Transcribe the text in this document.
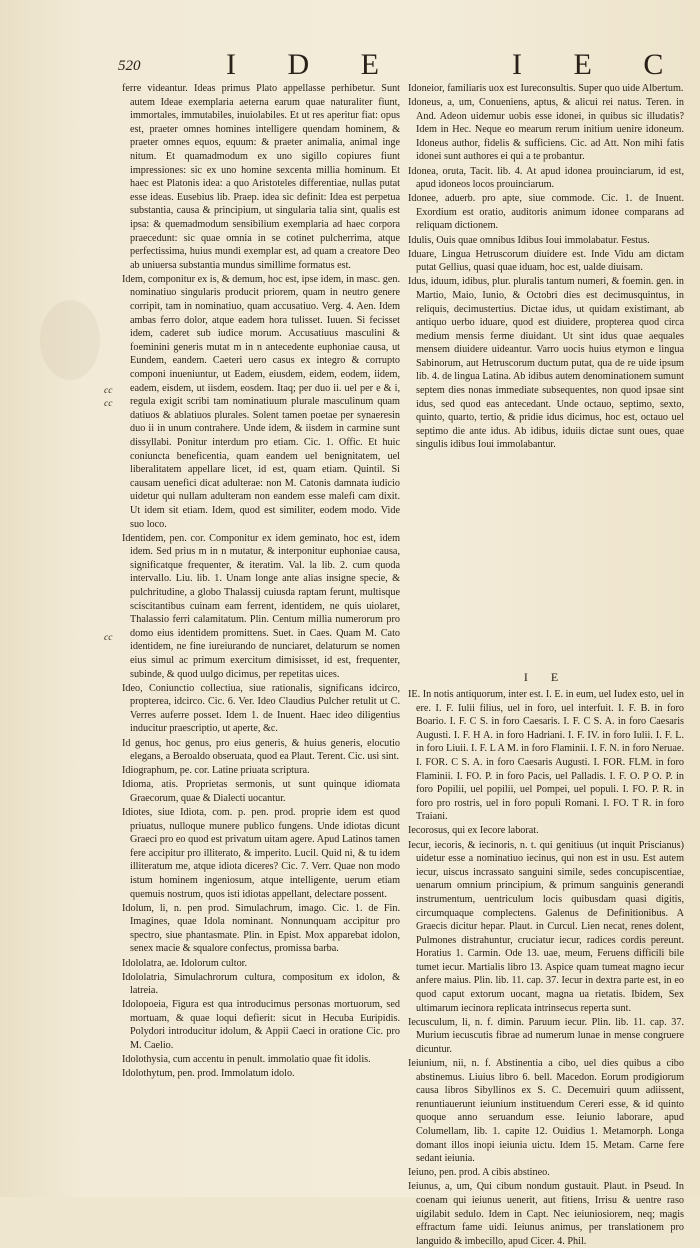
520	I D E	I E C
cc
cc
cc

ferre videantur. Ideas primus Plato appellasse perhibetur. Sunt autem Ideae exemplaria aeterna earum quae naturaliter fiunt, immortales, immutabiles, inuiolabiles. Et ut res aperitur fiat: opus est, praeter omnes homines intelligere quendam hominem, & praeter omnes equos, equum: & praeter animalia, animal inge nitum. Et quamadmodum ex uno sigillo copiures fiunt impressiones: sic ex uno homine sexcenta millia hominum. Et haec est Platonis idea: a quo Aristoteles differentiae, nullas putat esse ideas. Eusebius lib. Praep. idea sic definit: Idea est perpetua substantia, causa & principium, ut singularia talia sint, qualis est ipsa: & quemadmodum sensibilium exemplaria ad haec corpora praecedunt: sic quae omnia in se cotinet pulcherrima, atque perfectissima, huius mundi exemplar est, ad quam a creatore Deo ab uniuersa substantia mundus simillime formatus est.

Idem, componitur ex is, & demum, hoc est, ipse idem, in masc. gen. nominatiuo singularis producit priorem, quam in neutro genere corripit, tam in nominatiuo, quam accusatiuo. Verg. 4. Aen. Idem ambas ferro dolor, atque eadem hora tulisset. Iuuen. Si fecisset idem, caderet sub iudice morum. Accusatiuus masculini & foeminini generis mutat m in n antecedente euphoniae causa, ut Eundem, eandem. Caeteri uero casus ex integro & corrupto componi inueniuntur, ut Eadem, eiusdem, eidem, eodem, iidem, eadem, eisdem, ut iisdem, eosdem. Itaq; per duo ii. uel per e & i, regula exigit scribi tam nominatiuum plurale masculinum quam datiuos & ablatiuos plurales. Solent tamen poetae per synaeresin duo ii in unum contrahere. Unde idem, & iisdem in carmine sunt dissyllabi. Ponitur interdum pro etiam. Cic. 1. Offic. Et huic coniuncta beneficentia, quam eandem uel benignitatem, uel liberalitatem appellare licet, id est, quam etiam. Quintil. Si causam uenefici dicat adulterae: non M. Catonis damnata iudicio uidetur qui nullam adulteram non eandem esse malefi cam dixit. Ut idem sit etiam. Idem, quod est similiter, eodem modo. Vide suo loco.

Identidem, pen. cor. Componitur ex idem geminato, hoc est, idem idem. Sed prius m in n mutatur, & interponitur euphoniae causa, significatque frequenter, & iteratim. Val. la lib. 2. cum quoda intervallo. Liu. lib. 1. Unam longe ante alias insigne specie, & pulchritudine, a globo Thalassij cuiusda raptam ferunt, multisque sciscitantibus cuinam eam ferrent, identidem, ne quis uiolaret, Thalassio ferri calamitatum. Plin. Centum millia numerorum pro domo eius identidem promittens. Suet. in Caes. Quam M. Cato identidem, ne fine iureiurando de nunciaret, delaturum se nomen eius simul ac primum exercitum dimisisset, id est, frequenter, subinde, & quod uulgo dicimus, per repetitas uices.

Ideo, Coniunctio collectiua, siue rationalis, significans idcirco, propterea, idcirco. Cic. 6. Ver. Ideo Claudius Pulcher retulit ut C. Verres auferre posset. Idem 1. de Inuent. Haec ideo diligentius inducitur praescriptio, ut aperte, &c.

Id genus, hoc genus, pro eius generis, & huius generis, elocutio elegans, a Beroaldo obseruata, quod ea Plaut. Terent. Cic. usi sint.

Idiographum, pe. cor. Latine priuata scriptura.

Idioma, atis. Proprietas sermonis, ut sunt quinque idiomata Graecorum, quae & Dialecti uocantur.

Idiotes, siue Idiota, com. p. pen. prod. proprie idem est quod priuatus, nulloque munere publico fungens. Unde idiotas dicunt Graeci pro eo quod est privatum uitam agere. Apud Latinos tamen fere accipitur pro illiterato, & imperito. Lucil. Quid ni, & tu idem illiteratum me, atque idiota diceres? Cic. 7. Verr. Quae non modo istum hominem ingeniosum, atque intelligente, uerum etiam quemuis nostrum, quos isti idiotas appellant, delectare possent.

Idolum, li, n. pen prod. Simulachrum, imago. Cic. 1. de Fin. Imagines, quae Idola nominant. Nonnunquam accipitur pro spectro, siue phantasmate. Plin. in Epist. Mox apparebat idolon, senex macie & squalore confectus, promissa barba.

Idololatra, ae. Idolorum cultor.

Idololatria, Simulachrorum cultura, compositum ex idolon, & latreia.

Idolopoeia, Figura est qua introducimus personas mortuorum, sed mortuam, & quae loqui defierit: sicut in Hecuba Euripidis. Polydori introducitur idolum, & Appii Caeci in oratione Cic. pro M. Caelio.

Idolothysia, cum accentu in penult. immolatio quae fit idolis.

Idolothytum, pen. prod. Immolatum idolo.

Idoneior, familiaris uox est Iureconsultis. Super quo uide Albertum.

Idoneus, a, um, Conueniens, aptus, & alicui rei natus. Teren. in And. Adeon uidemur uobis esse idonei, in quibus sic illudatis? Idem in Hec. Neque eo mearum rerum initium uenire idoneum. Idoneus author, fidelis & sufficiens. Cic. ad Att. Non mihi fatis idonei sunt authores ei qui a te probantur.

Idonea, oruta, Tacit. lib. 4. At apud idonea prouinciarum, id est, apud idoneos locos prouinciarum.

Idonee, aduerb. pro apte, siue commode. Cic. 1. de Inuent. Exordium est oratio, auditoris animum idonee comparans ad reliquam dictionem.

Idulis, Ouis quae omnibus Idibus Ioui immolabatur. Festus.

Iduare, Lingua Hetruscorum diuidere est. Inde Vidu am dictam putat Gellius, quasi quae iduam, hoc est, ualde diuisam.

Idus, iduum, idibus, plur. pluralis tantum numeri, & foemin. gen. in Martio, Maio, Iunio, & Octobri dies est decimusquintus, in reliquis, decimustertius. Dictae idus, ut quidam existimant, ab antiquo uerbo iduare, quod est diuidere, propterea quod circa medium mensis ferme diuidant. Ut sint idus quae aequales mensem diuidere uideantur. Varro uocis huius etymon e lingua Sabinorum, aut Hetruscorum ductum putat, qua de re uide ipsum lib. 4. de lingua Latina. Ab idibus autem denominationem sumunt septem dies nonas immediate subsequentes, non quod ipsae sint idus, sed quod eas antecedant. Unde octauo, septimo, sexto, quinto, quarto, tertio, & pridie idus dicimus, hoc est, octauo uel septimo die ante idus. Ab idibus, iduiis dictae sunt oues, quae singulis idibus Ioui immolabantur.

I E

IE. In notis antiquorum, inter est. I. E. in eum, uel Iudex esto, uel in ere. I. F. Iulii filius, uel in foro, uel interfuit. I. F. B. in foro Boario. I. F. C S. in foro Caesaris. I. F. C S. A. in foro Caesaris Augusti. I. F. H A. in foro Hadriani. I. F. IV. in foro Iulii. I. F. L. in foro Liuii. I. F. L A M. in foro Flaminii. I. F. N. in foro Neruae. I. FOR. C S. A. in foro Caesaris Augusti. I. FOR. FLM. in foro Flaminii. I. FO. P. in foro Pacis, uel Palladis. I. F. O. P O. P. in foro Popilii, uel popilii, uel Pompei, uel populi. I. FO. P. R. in foro pro rostris, uel in foro populi Romani. I. FO. T R. in foro Traiani.

Iecorosus, qui ex Iecore laborat.

Iecur, iecoris, & iecinoris, n. t. qui genitiuus (ut inquit Priscianus) uidetur esse a nominatiuo iecinus, qui non est in usu. Est autem iecur, uiscus incrassato sanguini simile, sedes concupiscentiae, uenarum omnium principium, & primum sanguinis generandi instrumentum, uentriculum locis quibusdam quasi digitis, circumquaque complectens. Galenus de Definitionibus. A Graecis dicitur hepar. Plaut. in Curcul. Lien necat, renes dolent, Pulmones distrahuntur, cruciatur iecur, radices cordis pereunt. Horatius 1. Carmin. Ode 13. uae, meum, Feruens difficili bile tumet iecur. Martialis libro 13. Aspice quam tumeat magno iecur anfere maius. Plin. lib. 11. cap. 37. Iecur in dextra parte est, in eo quod caput extorum uocant, magna ua rietatis. Ibidem, Sex ultimarum iecinora replicata intrinsecus reperta sunt.

Iecusculum, li, n. f. dimin. Paruum iecur. Plin. lib. 11. cap. 37. Murium iecuscutis fibrae ad numerum lunae in mense congruere dicuntur.

Ieiunium, nii, n. f. Abstinentia a cibo, uel dies quibus a cibo abstinemus. Liuius libro 6. bell. Macedon. Eorum prodigiorum causa libros Sibyllinos ex S. C. Decemuiri quum adiissent, renuntiauerunt ieiunium instituendum Cereri esse, & id quinto quoque anno seruandum esse. Ieiunio laborare, apud Columellam, lib. 1. capite 12. Ouidius 1. Metamorph. Longa domant illos inopi ieiunia uictu. Idem 15. Metam. Carne fere sedant ieiunia.

Ieiuno, pen. prod. A cibis abstineo.

Ieiunus, a, um, Qui cibum nondum gustauit. Plaut. in Pseud. In coenam qui ieiunus uenerit, aut fitiens, Irrisu & uentre raso uigilabit sedulo. Idem in Capt. Nec ieiuniosiorem, neq; magis effractum fame uidi. Ieiunus animus, per translationem pro languido & imbecillo, apud Cicer. 4. Phil.
